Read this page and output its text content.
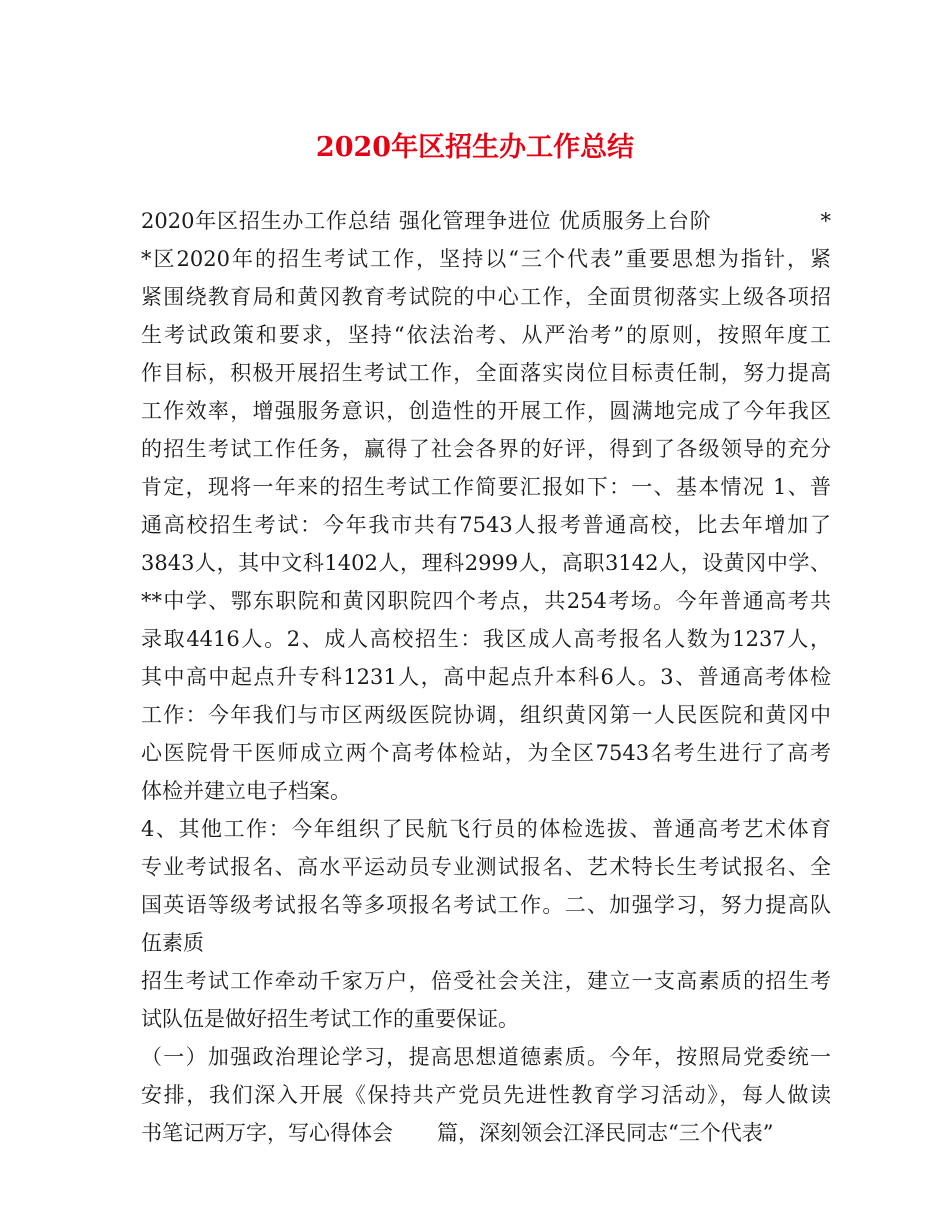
2020年区招生办工作总结
2020年区招生办工作总结 强化管理争进位 优质服务上台阶　　　　　*
*区2020年的招生考试工作，坚持以“三个代表”重要思想为指针，紧
紧围绕教育局和黄冈教育考试院的中心工作，全面贯彻落实上级各项招
生考试政策和要求，坚持“依法治考、从严治考”的原则，按照年度工
作目标，积极开展招生考试工作，全面落实岗位目标责任制，努力提高
工作效率，增强服务意识，创造性的开展工作，圆满地完成了今年我区
的招生考试工作任务，赢得了社会各界的好评，得到了各级领导的充分
肯定，现将一年来的招生考试工作简要汇报如下：一、基本情况 1、普
通高校招生考试：今年我市共有7543人报考普通高校，比去年增加了
3843人，其中文科1402人，理科2999人，高职3142人，设黄冈中学、
**中学、鄂东职院和黄冈职院四个考点，共254考场。今年普通高考共
录取4416人。2、成人高校招生：我区成人高考报名人数为1237人，
其中高中起点升专科1231人，高中起点升本科6人。3、普通高考体检
工作：今年我们与市区两级医院协调，组织黄冈第一人民医院和黄冈中
心医院骨干医师成立两个高考体检站，为全区7543名考生进行了高考
体检并建立电子档案。
4、其他工作：今年组织了民航飞行员的体检选拔、普通高考艺术体育
专业考试报名、高水平运动员专业测试报名、艺术特长生考试报名、全
国英语等级考试报名等多项报名考试工作。二、加强学习，努力提高队
伍素质
招生考试工作牵动千家万户，倍受社会关注，建立一支高素质的招生考
试队伍是做好招生考试工作的重要保证。
（一）加强政治理论学习，提高思想道德素质。今年，按照局党委统一
安排，我们深入开展《保持共产党员先进性教育学习活动》，每人做读
书笔记两万字，写心得体会 篇，深刻领会江泽民同志“三个代表”
